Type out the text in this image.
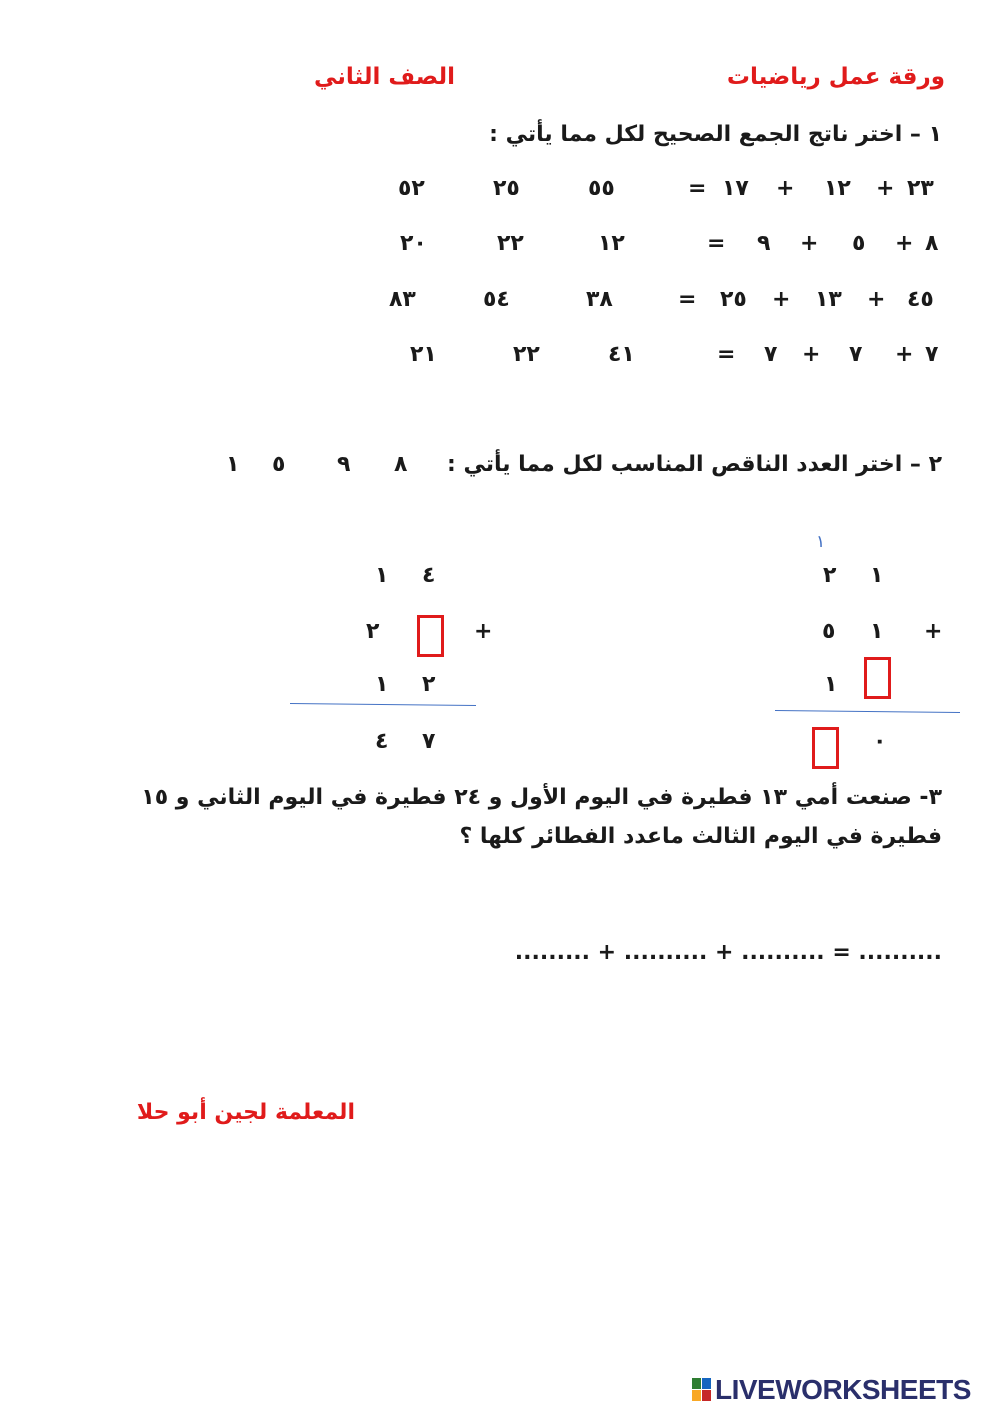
ورقة عمل رياضيات
الصف الثاني
١ – اختر ناتج الجمع الصحيح لكل مما يأتي :
٢٣
+
١٢
+
١٧
=
٥٥
٢٥
٥٢
٨
+
٥
+
٩
=
١٢
٢٢
٢٠
٤٥
+
١٣
+
٢٥
=
٣٨
٥٤
٨٣
٧
+
٧
+
٧
=
٤١
٢٢
٢١
٢ – اختر العدد الناقص المناسب لكل مما يأتي :
٨
٩
٥
١
١
١
٢
+
١
٥
١
٠
٤
١
+
٢
٢
١
٧
٤
٣- صنعت أمي ١٣ فطيرة في اليوم الأول و ٢٤ فطيرة في اليوم الثاني و ١٥
فطيرة في اليوم الثالث ماعدد الفطائر كلها ؟
......... + .......... + .......... = ..........
المعلمة لجين أبو حلا
LIVEWORKSHEETS
